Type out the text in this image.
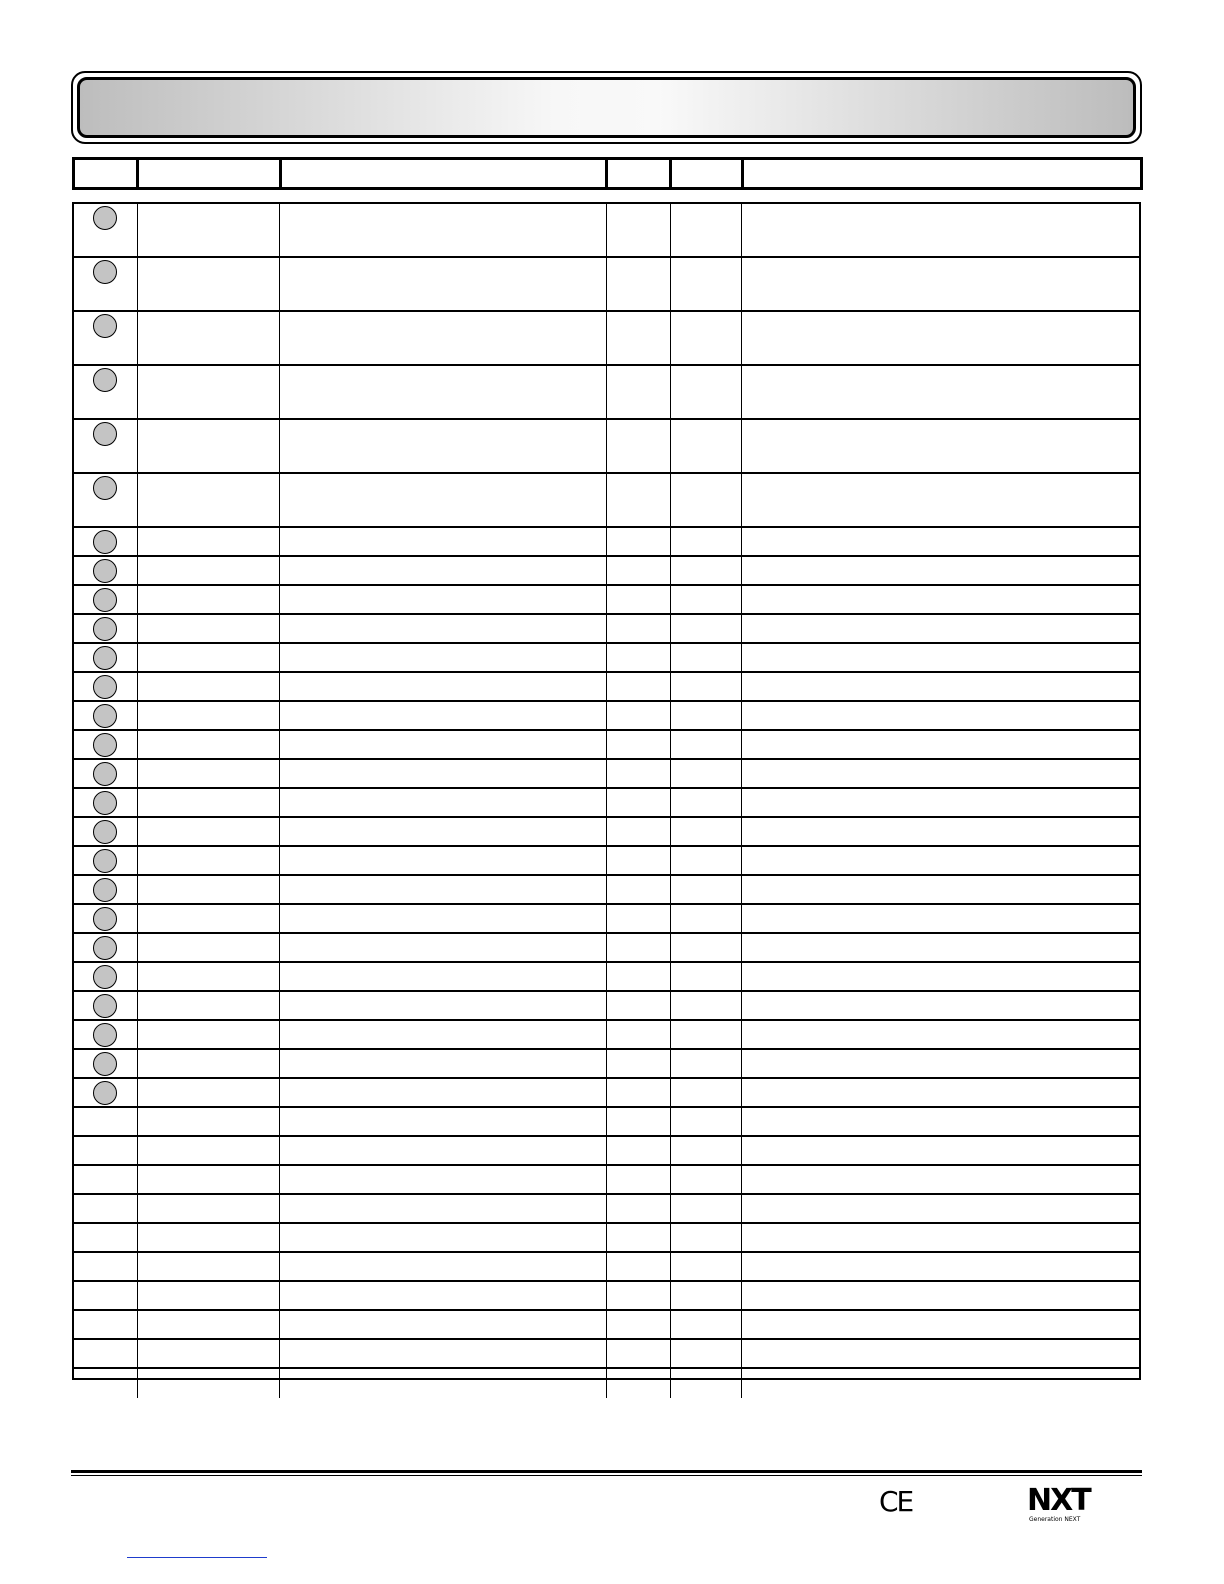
CE	NXT
Generation NEXT
